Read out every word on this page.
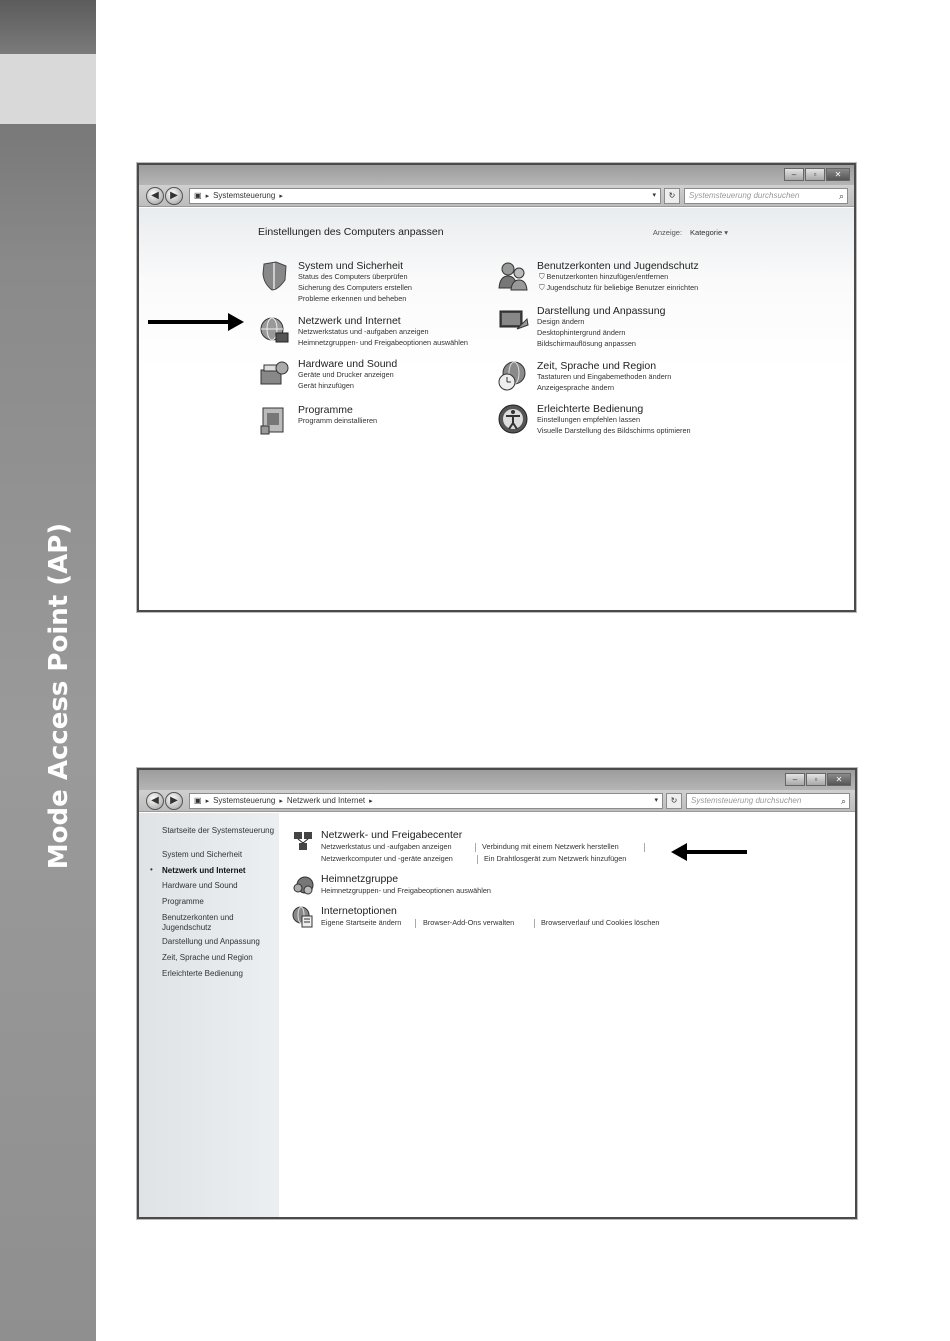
Mode Access Point (AP)
–	▫	✕
◀	▶	▣ ▸ Systemsteuerung ▸	▾	↻	Systemsteuerung durchsuchen	⌕
Einstellungen des Computers anpassen	Anzeige: Kategorie ▾
System und Sicherheit
Status des Computers überprüfen
Sicherung des Computers erstellen
Probleme erkennen und beheben
Netzwerk und Internet
Netzwerkstatus und -aufgaben anzeigen
Heimnetzgruppen- und Freigabeoptionen auswählen
Hardware und Sound
Geräte und Drucker anzeigen
Gerät hinzufügen
Programme
Programm deinstallieren
Benutzerkonten und Jugendschutz
⛉ Benutzerkonten hinzufügen/entfernen
⛉ Jugendschutz für beliebige Benutzer einrichten
Darstellung und Anpassung
Design ändern
Desktophintergrund ändern
Bildschirmauflösung anpassen
Zeit, Sprache und Region
Tastaturen und Eingabemethoden ändern
Anzeigesprache ändern
Erleichterte Bedienung
Einstellungen empfehlen lassen
Visuelle Darstellung des Bildschirms optimieren
–	▫	✕
◀	▶	▣ ▸ Systemsteuerung ▸ Netzwerk und Internet ▸	▾	↻	Systemsteuerung durchsuchen	⌕
Startseite der Systemsteuerung
System und Sicherheit
• Netzwerk und Internet
Hardware und Sound
Programme
Benutzerkonten und
Jugendschutz
Darstellung und Anpassung
Zeit, Sprache und Region
Erleichterte Bedienung
Netzwerk- und Freigabecenter
Netzwerkstatus und -aufgaben anzeigen	Verbindung mit einem Netzwerk herstellen
Netzwerkcomputer und -geräte anzeigen	Ein Drahtlosgerät zum Netzwerk hinzufügen
Heimnetzgruppe
Heimnetzgruppen- und Freigabeoptionen auswählen
Internetoptionen
Eigene Startseite ändern	Browser-Add-Ons verwalten	Browserverlauf und Cookies löschen
